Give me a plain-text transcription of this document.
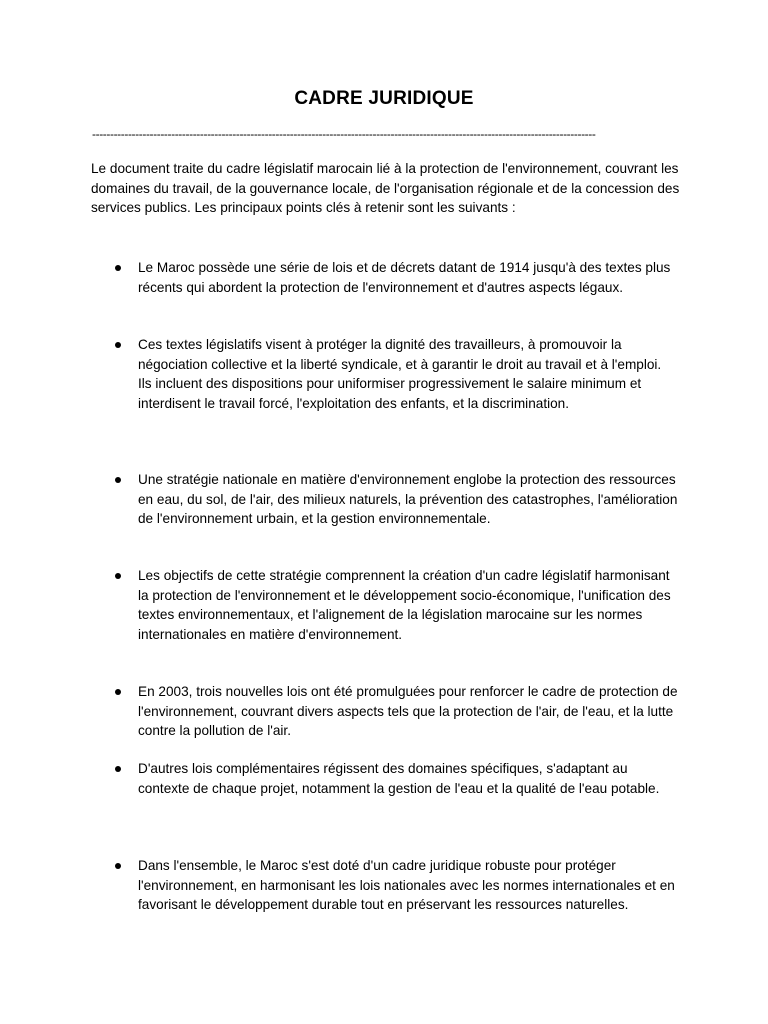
CADRE JURIDIQUE
--------------------------------------------------------------------------------------------------------------------------------------------

Le document traite du cadre législatif marocain lié à la protection de l'environnement, couvrant les domaines du travail, de la gouvernance locale, de l'organisation régionale et de la concession des services publics. Les principaux points clés à retenir sont les suivants :

Le Maroc possède une série de lois et de décrets datant de 1914 jusqu'à des textes plus récents qui abordent la protection de l'environnement et d'autres aspects légaux.

Ces textes législatifs visent à protéger la dignité des travailleurs, à promouvoir la négociation collective et la liberté syndicale, et à garantir le droit au travail et à l'emploi. Ils incluent des dispositions pour uniformiser progressivement le salaire minimum et interdisent le travail forcé, l'exploitation des enfants, et la discrimination.

Une stratégie nationale en matière d'environnement englobe la protection des ressources en eau, du sol, de l'air, des milieux naturels, la prévention des catastrophes, l'amélioration de l'environnement urbain, et la gestion environnementale.

Les objectifs de cette stratégie comprennent la création d'un cadre législatif harmonisant la protection de l'environnement et le développement socio-économique, l'unification des textes environnementaux, et l'alignement de la législation marocaine sur les normes internationales en matière d'environnement.

En 2003, trois nouvelles lois ont été promulguées pour renforcer le cadre de protection de l'environnement, couvrant divers aspects tels que la protection de l'air, de l'eau, et la lutte contre la pollution de l'air.

D'autres lois complémentaires régissent des domaines spécifiques, s'adaptant au contexte de chaque projet, notamment la gestion de l'eau et la qualité de l'eau potable.

Dans l'ensemble, le Maroc s'est doté d'un cadre juridique robuste pour protéger l'environnement, en harmonisant les lois nationales avec les normes internationales et en favorisant le développement durable tout en préservant les ressources naturelles.
